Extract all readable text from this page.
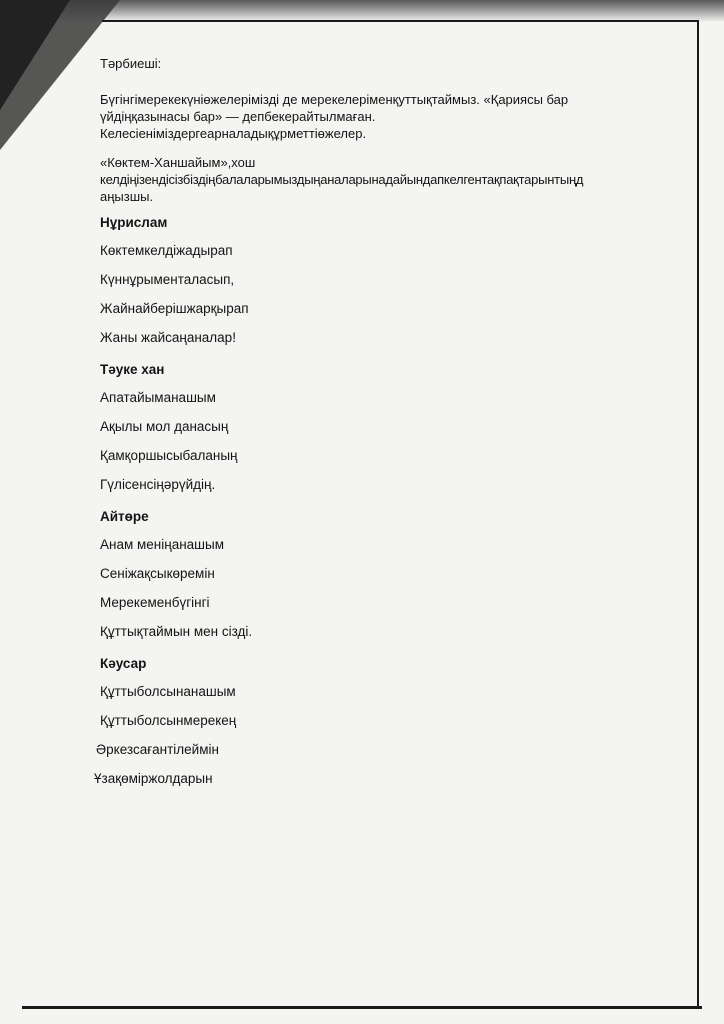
Тәрбиеші:

Бүгінгімерекекүніөжелерімізді де мерекелеріменқуттықтаймыз. «Қариясы бар
үйдіңқазынасы бар» — депбекерайтылмаған.
Келесіеніміздергеарналадықұрметтіөжелер.

«Көктем-Ханшайым»,хош
келдіңізендісізбіздіңбалаларымыздыңаналарынадайындапкелгентақпақтарынтыңд
аңызшы.

Нұрислам

Көктемкелдіжадырап

Күннұрыменталасып,

Жайнайберішжарқырап

Жаны жайсаңаналар!

Тәуке хан

Апатайыманашым

Ақылы мол данасың

Қамқоршысыбаланың

Гүлісенсіңәрүйдің.

Айтөре

Анам меніңанашым

Сеніжақсыкөремін

Мерекеменбүгінгі

Құттықтаймын мен сізді.

Кәусар

Құттыболсынанашым

Құттыболсынмерекең

Әркезсағантілеймін

Ұзақөміржолдарын
